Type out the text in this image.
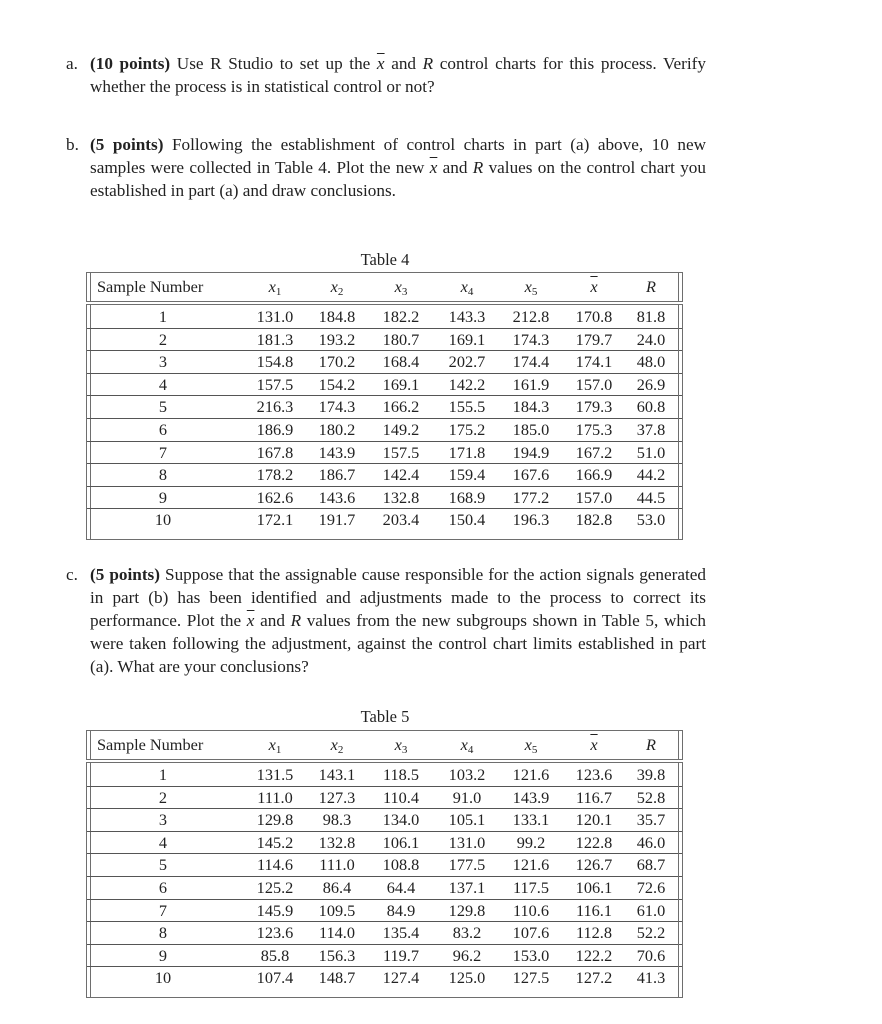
a. (10 points) Use R Studio to set up the $\overline{x}$ and R control charts for this process. Verify whether the process is in statistical control or not?
b. (5 points) Following the establishment of control charts in part (a) above, 10 new samples were collected in Table 4. Plot the new $\overline{x}$ and R values on the control chart you established in part (a) and draw conclusions.
Table 4
Sample Number	$x_1$	$x_2$	$x_3$	$x_4$	$x_5$	$\overline{x}$	R
1	131.0	184.8	182.2	143.3	212.8	170.8	81.8
2	181.3	193.2	180.7	169.1	174.3	179.7	24.0
3	154.8	170.2	168.4	202.7	174.4	174.1	48.0
4	157.5	154.2	169.1	142.2	161.9	157.0	26.9
5	216.3	174.3	166.2	155.5	184.3	179.3	60.8
6	186.9	180.2	149.2	175.2	185.0	175.3	37.8
7	167.8	143.9	157.5	171.8	194.9	167.2	51.0
8	178.2	186.7	142.4	159.4	167.6	166.9	44.2
9	162.6	143.6	132.8	168.9	177.2	157.0	44.5
10	172.1	191.7	203.4	150.4	196.3	182.8	53.0
c. (5 points) Suppose that the assignable cause responsible for the action signals generated in part (b) has been identified and adjustments made to the process to correct its performance. Plot the $\overline{x}$ and R values from the new subgroups shown in Table 5, which were taken following the adjustment, against the control chart limits established in part (a). What are your conclusions?
Table 5
Sample Number	$x_1$	$x_2$	$x_3$	$x_4$	$x_5$	$\overline{x}$	R
1	131.5	143.1	118.5	103.2	121.6	123.6	39.8
2	111.0	127.3	110.4	91.0	143.9	116.7	52.8
3	129.8	98.3	134.0	105.1	133.1	120.1	35.7
4	145.2	132.8	106.1	131.0	99.2	122.8	46.0
5	114.6	111.0	108.8	177.5	121.6	126.7	68.7
6	125.2	86.4	64.4	137.1	117.5	106.1	72.6
7	145.9	109.5	84.9	129.8	110.6	116.1	61.0
8	123.6	114.0	135.4	83.2	107.6	112.8	52.2
9	85.8	156.3	119.7	96.2	153.0	122.2	70.6
10	107.4	148.7	127.4	125.0	127.5	127.2	41.3
